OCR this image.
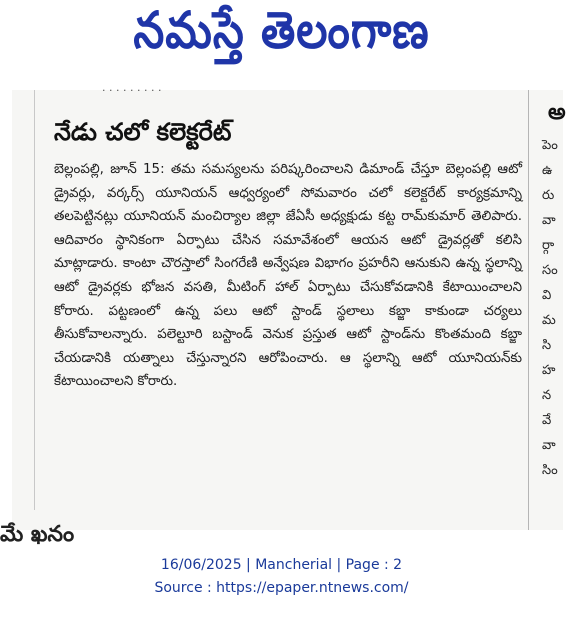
నమస్తే తెలంగాణ
· · · · · · · · ·
నేడు చలో కలెక్టరేట్

బెల్లంపల్లి, జూన్ 15: తమ సమస్యలను పరిష్కరించాలని డిమాండ్ చేస్తూ బెల్లంపల్లి ఆటో డ్రైవర్లు, వర్కర్స్ యూనియన్ ఆధ్వర్యంలో సోమవారం చలో కలెక్టరేట్ కార్యక్రమాన్ని తలపెట్టినట్లు యూనియన్ మంచిర్యాల జిల్లా జేఏసీ అధ్యక్షుడు కట్ట రామ్‌కుమార్ తెలిపారు. ఆదివారం స్థానికంగా ఏర్పాటు చేసిన సమావేశంలో ఆయన ఆటో డ్రైవర్లతో కలిసి మాట్లాడారు. కాంటా చౌరస్తాలో సింగరేణి అన్వేషణ విభాగం ప్రహరీని ఆనుకుని ఉన్న స్థలాన్ని ఆటో డ్రైవర్లకు భోజన వసతి, మీటింగ్ హాల్ ఏర్పాటు చేసుకోవడానికి కేటాయించాలని కోరారు. పట్టణంలో ఉన్న పలు ఆటో స్టాండ్ స్థలాలు కబ్జా కాకుండా చర్యలు తీసుకోవాలన్నారు. పలెల్టూరి బస్టాండ్ వెనుక ప్రస్తుత ఆటో స్టాండ్‌ను కొంతమంది కబ్జా చేయడానికి యత్నాలు చేస్తున్నారని ఆరోపించారు. ఆ స్థలాన్ని ఆటో యూనియన్‌కు కేటాయించాలని కోరారు.

అ
పెం
ఉ
రు
వా
ర్గా
సం
వి
మ
సి
హ
న
వే
వా
సిం
మే ఖనం
16/06/2025 | Mancherial | Page : 2
Source : https://epaper.ntnews.com/
